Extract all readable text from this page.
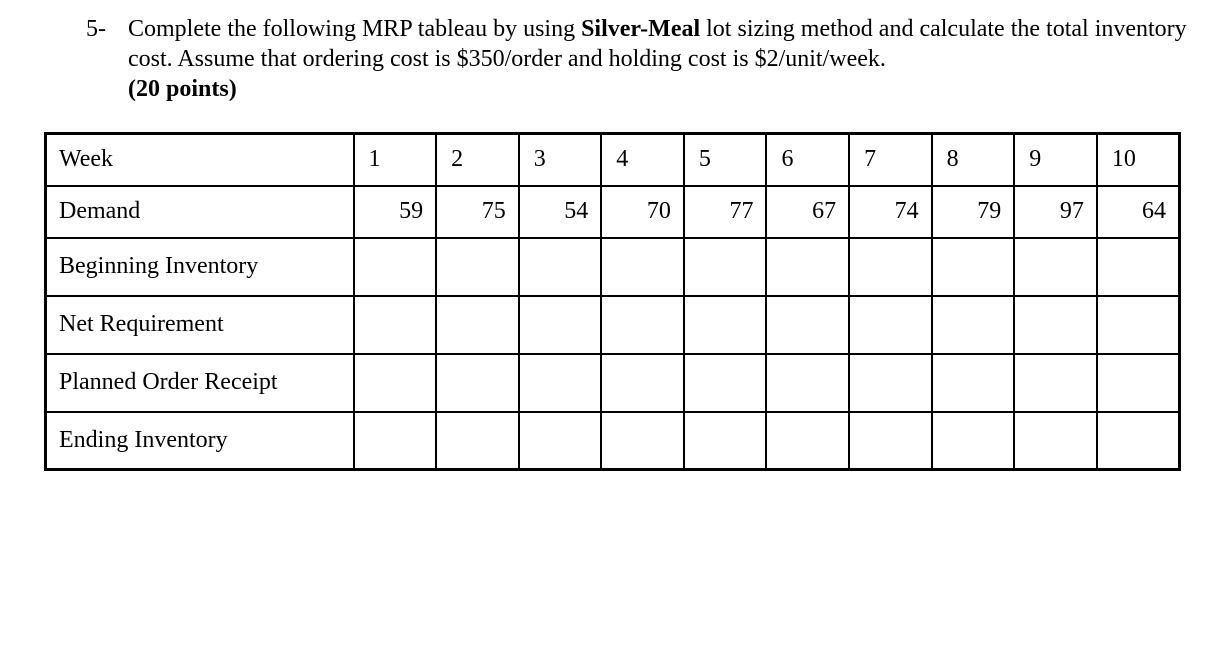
5- Complete the following MRP tableau by using Silver-Meal lot sizing method and calculate the total inventory cost. Assume that ordering cost is $350/order and holding cost is $2/unit/week.
(20 points)
Week	1	2	3	4	5	6	7	8	9	10
Demand	59	75	54	70	77	67	74	79	97	64
Beginning Inventory										
Net Requirement										
Planned Order Receipt										
Ending Inventory										
